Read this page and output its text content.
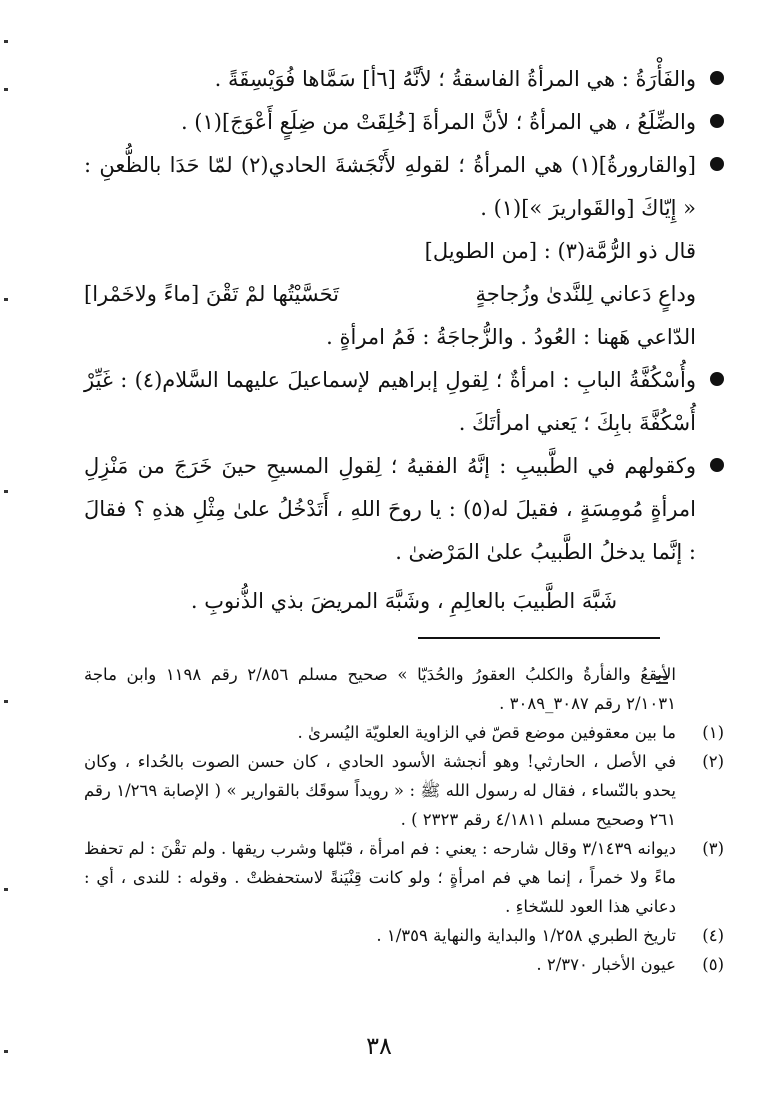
والفَأْرَةُ : هي المرأةُ الفاسقةُ ؛ لأنَّهُ [٦أ] سَمَّاها فُوَيْسِقَةً .

والضِّلَعُ ، هي المرأةُ ؛ لأنَّ المرأةَ [خُلِقَتْ من ضِلَعٍ أَعْوَجَ](١) .

[والقارورةُ](١) هي المرأةُ ؛ لقولهِ لأَنْجَشةَ الحادي(٢) لمّا حَدَا بالظُّعنِ : « إِيّاكَ [والقَواريرَ »](١) .

قال ذو الرُّمَّة(٣) : [من الطويل]

وداعٍ دَعاني لِلنَّدىٰ وزُجاجةٍ
تَحَسَّيْتُها لمْ تَقْنَ [ماءً ولاخَمْرا]

الدّاعي هَهنا : العُودُ . والزُّجاجَةُ : فَمُ امرأةٍ .

وأُسْكُفَّةُ البابِ : امرأةٌ ؛ لِقولِ إبراهيم لإسماعيلَ عليهما السَّلام(٤) : غَيِّرْ أُسْكُفَّةَ بابِكَ ؛ يَعني امرأتَكَ .

وكقولهم في الطَّبيبِ : إنَّهُ الفقيهُ ؛ لِقولِ المسيحِ حينَ خَرَجَ من مَنْزِلِ امرأةٍ مُومِسَةٍ ، فقيلَ له(٥) : يا روحَ اللهِ ، أَتَدْخُلُ علىٰ مِثْلِ هذهِ ؟ فقالَ : إنَّما يدخلُ الطَّبيبُ علىٰ المَرْضىٰ .

شَبَّهَ الطَّبيبَ بالعالِمِ ، وشَبَّهَ المريضَ بذي الذُّنوبِ .

الأبقعُ والفأرةُ والكلبُ العقورُ والحُدَيّا » صحيح مسلم ٢/٨٥٦ رقم ١١٩٨ وابن ماجة ٢/١٠٣١ رقم ٣٠٨٧_٣٠٨٩ .

(١)

ما بين معقوفين موضع قصّ في الزاوية العلويّة اليُسرىٰ .

(٢)

في الأصل ، الحارثي! وهو أنجشة الأسود الحادي ، كان حسن الصوت بالحُداء ، وكان يحدو بالنّساء ، فقال له رسول الله ﷺ : « رويداً سوقَك بالقوارير » ( الإصابة ١/٢٦٩ رقم ٢٦١ وصحيح مسلم ٤/١٨١١ رقم ٢٣٢٣ ) .

(٣)

ديوانه ٣/١٤٣٩ وقال شارحه : يعني : فم امرأة ، قبّلها وشرب ريقها . ولم تقْنَ : لم تحفظ ماءً ولا خمراً ، إنما هي فم امرأةٍ ؛ ولو كانت قِنْيَنةً لاستحفظتْ . وقوله : للندى ، أي : دعاني هذا العود للسّخاءِ .

(٤)

تاريخ الطبري ١/٢٥٨ والبداية والنهاية ١/٣٥٩ .

(٥)

عيون الأخبار ٢/٣٧٠ .

٣٨
